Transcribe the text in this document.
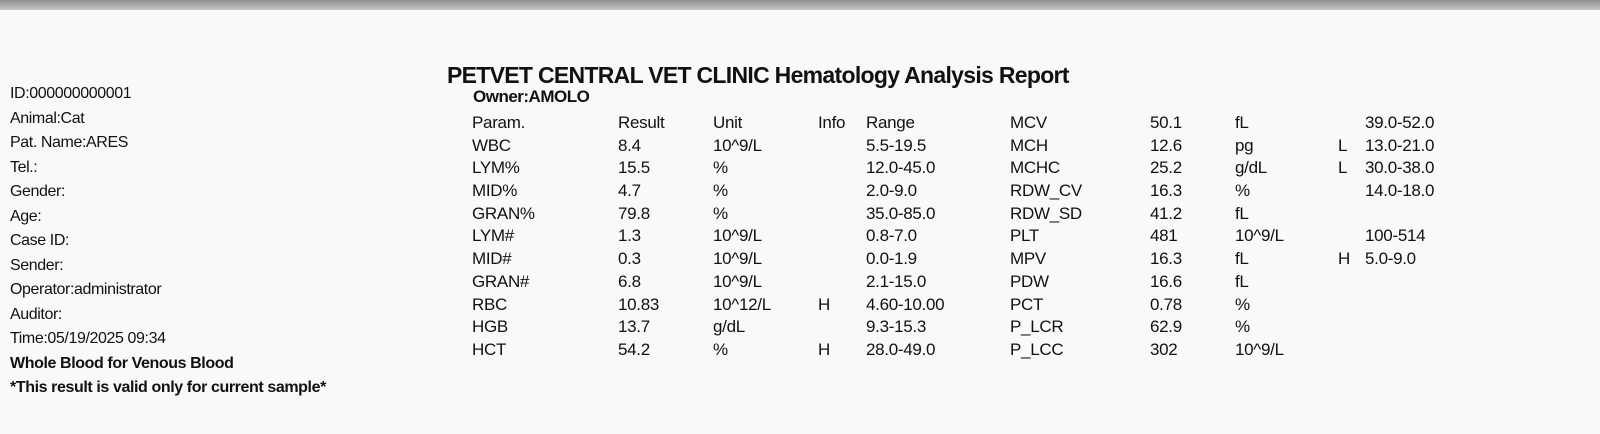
ID:000000000001
Animal:Cat
Pat. Name:ARES
Tel.:
Gender:
Age:
Case ID:
Sender:
Operator:administrator
Auditor:
Time:05/19/2025 09:34
Whole Blood for Venous Blood
*This result is valid only for current sample*
PETVET CENTRAL VET CLINIC Hematology Analysis Report
Owner:AMOLO
Param.	Result	Unit	Info Range	MCV	50.1	fL	39.0-52.0
WBC	8.4	10^9/L	5.5-19.5	MCH	12.6	pg	L 13.0-21.0
LYM%	15.5	%	12.0-45.0	MCHC	25.2	g/dL	L 30.0-38.0
MID%	4.7	%	2.0-9.0	RDW_CV	16.3	%	14.0-18.0
GRAN%	79.8	%	35.0-85.0	RDW_SD	41.2	fL
LYM#	1.3	10^9/L	0.8-7.0	PLT	481	10^9/L	100-514
MID#	0.3	10^9/L	0.0-1.9	MPV	16.3	fL	H 5.0-9.0
GRAN#	6.8	10^9/L	2.1-15.0	PDW	16.6	fL
RBC	10.83	10^12/L	H 4.60-10.00	PCT	0.78	%
HGB	13.7	g/dL	9.3-15.3	P_LCR	62.9	%
HCT	54.2	%	H 28.0-49.0	P_LCC	302	10^9/L
